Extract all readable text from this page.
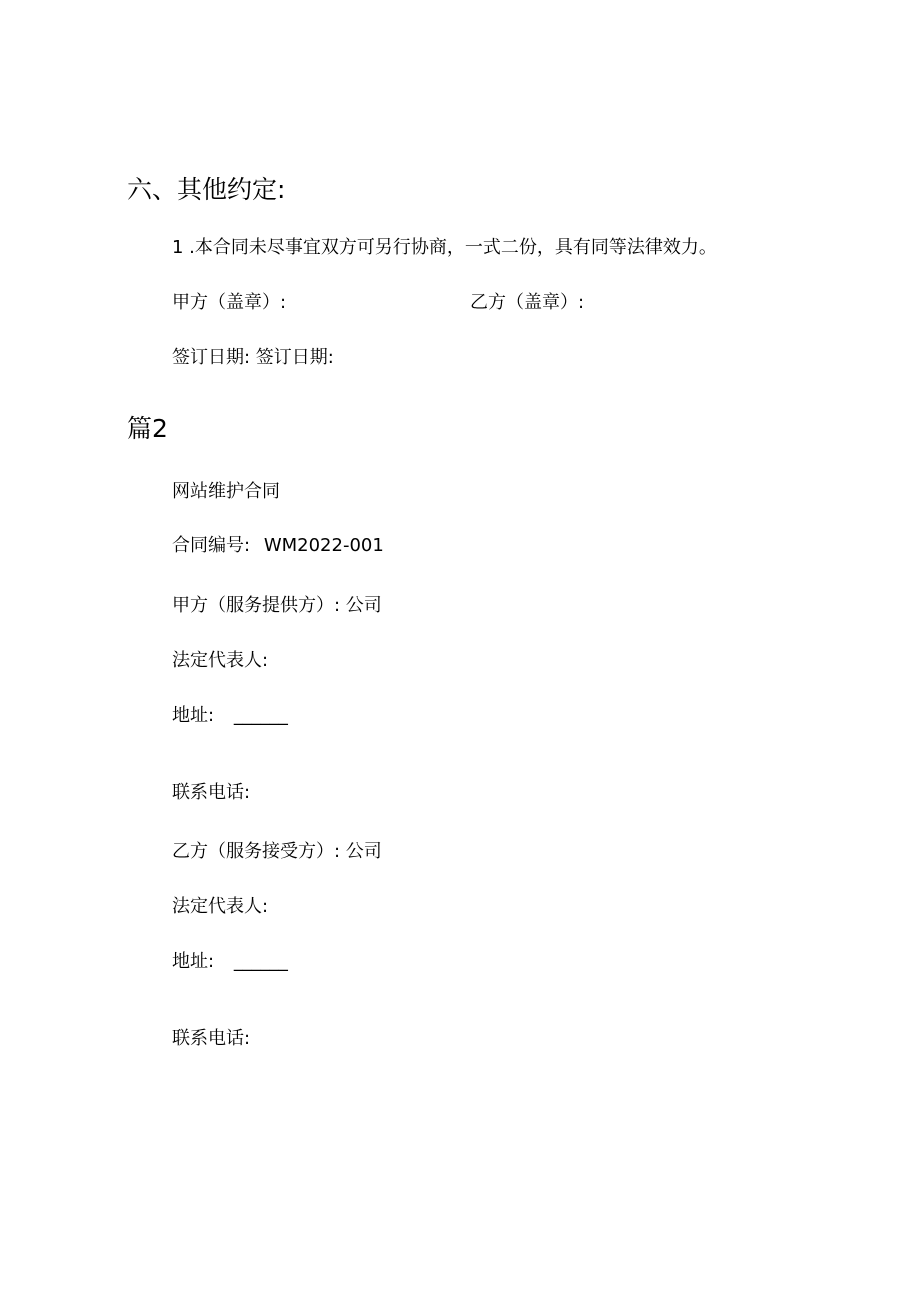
六、其他约定:
1 .本合同未尽事宜双方可另行协商，一式二份，具有同等法律效力。
甲方（盖章）:	乙方（盖章）:
签订日期: 签订日期:
篇2
网站维护合同
合同编号: WM2022-001
甲方（服务提供方）: 公司
法定代表人:
地址: ______
联系电话:
乙方（服务接受方）: 公司
法定代表人:
地址: ______
联系电话:
